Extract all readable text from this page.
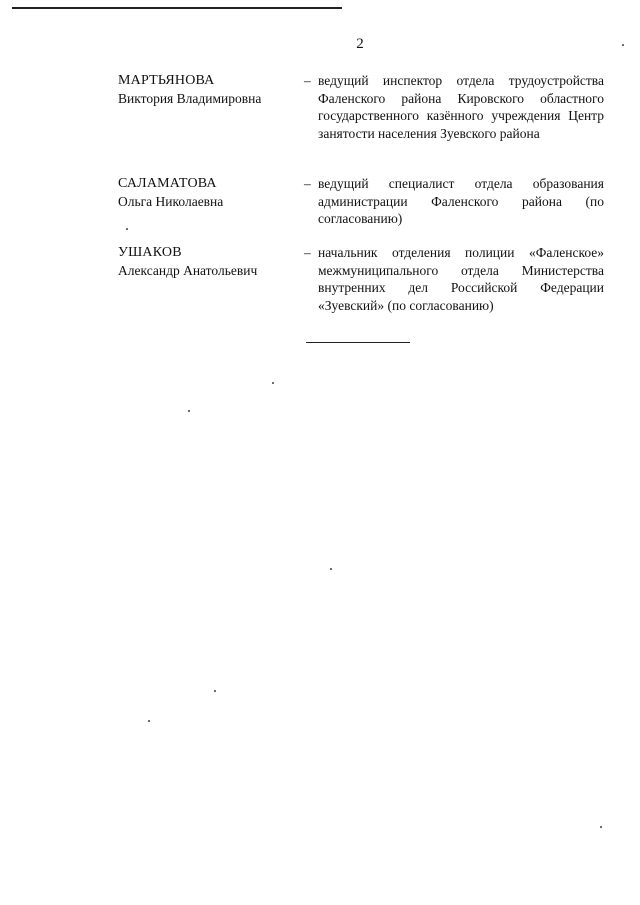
2
МАРТЬЯНОВА
Виктория Владимировна
– ведущий инспектор отдела трудоустройства Фаленского района Кировского областного государственного казённого учреждения Центр занятости населения Зуевского района
САЛАМАТОВА
Ольга Николаевна
– ведущий специалист отдела образования администрации Фаленского района (по согласованию)
УШАКОВ
Александр Анатольевич
– начальник отделения полиции «Фаленское» межмуниципального отдела Министерства внутренних дел Российской Федерации «Зуевский» (по согласованию)
